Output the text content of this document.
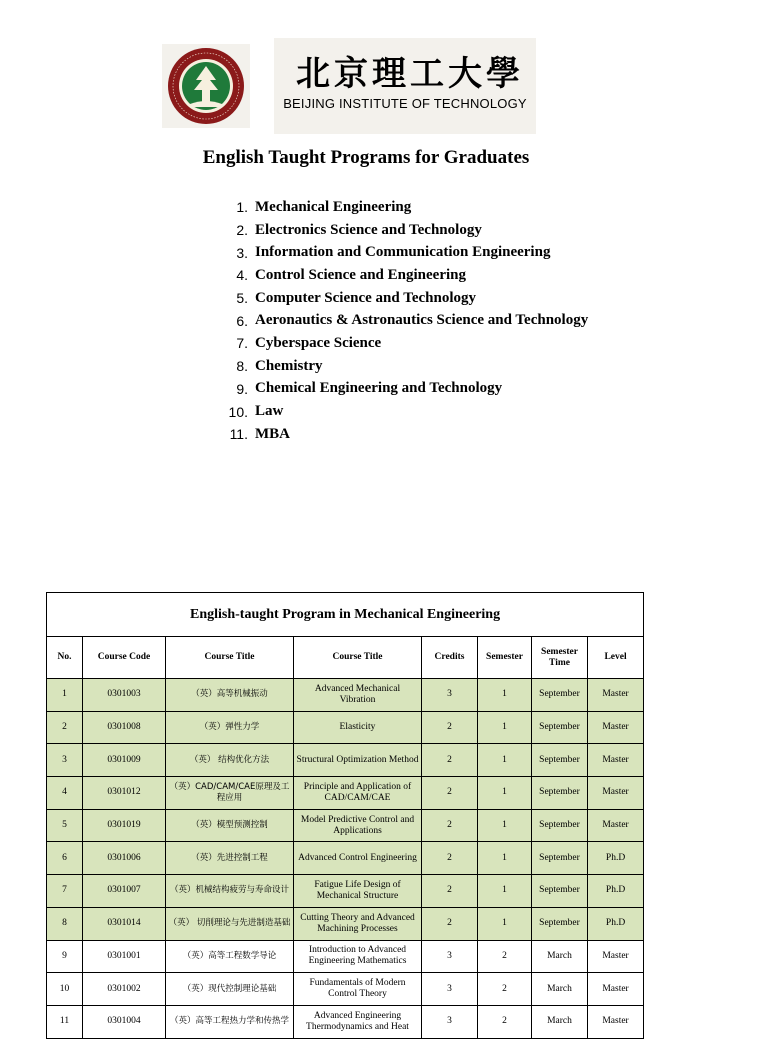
北京理工大學
BEIJING INSTITUTE OF TECHNOLOGY
English Taught Programs for Graduates
1. Mechanical Engineering
2. Electronics Science and Technology
3. Information and Communication Engineering
4. Control Science and Engineering
5. Computer Science and Technology
6. Aeronautics & Astronautics Science and Technology
7. Cyberspace Science
8. Chemistry
9. Chemical Engineering and Technology
10. Law
11. MBA
English-taught Program in Mechanical Engineering							
No.	Course Code	Course Title	Course Title	Credits	Semester	Semester Time	Level
1	0301003	（英）高等机械振动	Advanced Mechanical Vibration	3	1	September	Master
2	0301008	（英）弹性力学	Elasticity	2	1	September	Master
3	0301009	（英） 结构优化方法	Structural Optimization Method	2	1	September	Master
4	0301012	（英）CAD/CAM/CAE原理及工程应用	Principle and Application of CAD/CAM/CAE	2	1	September	Master
5	0301019	（英）模型预测控制	Model Predictive Control and Applications	2	1	September	Master
6	0301006	（英）先进控制工程	Advanced Control Engineering	2	1	September	Ph.D
7	0301007	（英）机械结构疲劳与寿命设计	Fatigue Life Design of Mechanical Structure	2	1	September	Ph.D
8	0301014	（英） 切削理论与先进制造基础	Cutting Theory and Advanced Machining Processes	2	1	September	Ph.D
9	0301001	（英）高等工程数学导论	Introduction to Advanced Engineering Mathematics	3	2	March	Master
10	0301002	（英）现代控制理论基础	Fundamentals of Modern Control Theory	3	2	March	Master
11	0301004	（英）高等工程热力学和传热学	Advanced Engineering Thermodynamics and Heat	3	2	March	Master
